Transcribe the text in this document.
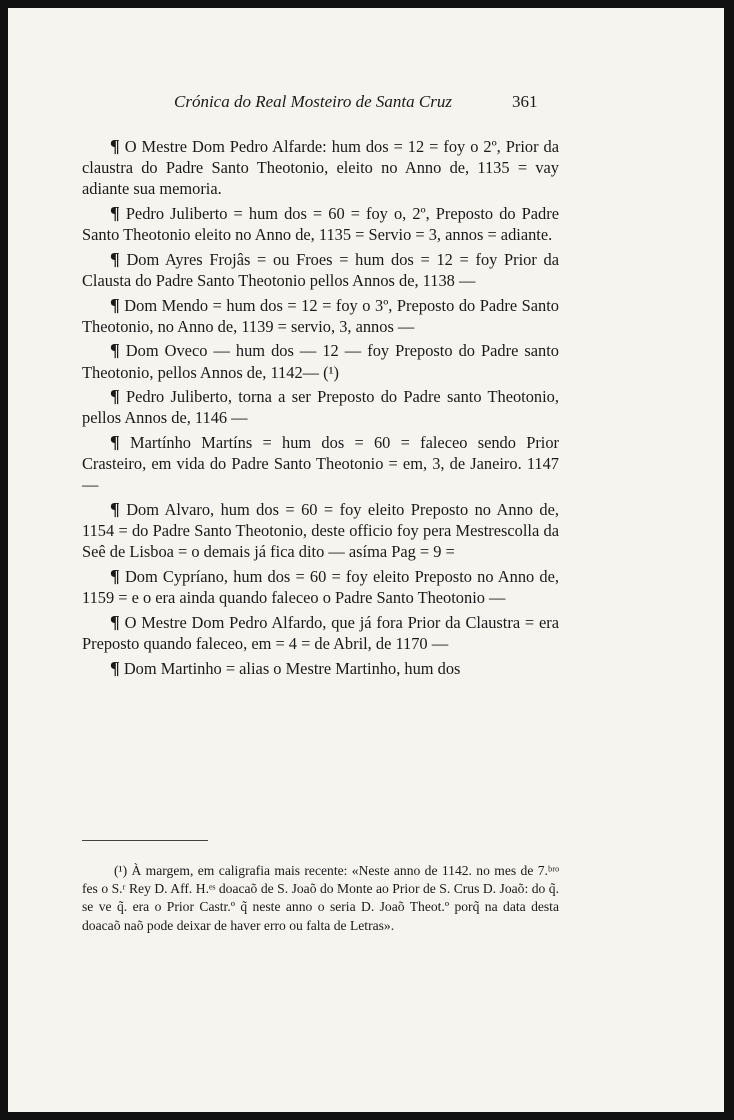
Crónica do Real Mosteiro de Santa Cruz	361

¶ O Mestre Dom Pedro Alfarde: hum dos = 12 = foy o 2º, Prior da claustra do Padre Santo Theotonio, eleito no Anno de, 1135 = vay adiante sua memoria.

¶ Pedro Juliberto = hum dos = 60 = foy o, 2º, Preposto do Padre Santo Theotonio eleito no Anno de, 1135 = Servio = 3, annos = adiante.

¶ Dom Ayres Frojâs = ou Froes = hum dos = 12 = foy Prior da Clausta do Padre Santo Theotonio pellos Annos de, 1138 —

¶ Dom Mendo = hum dos = 12 = foy o 3º, Preposto do Padre Santo Theotonio, no Anno de, 1139 = servio, 3, annos —

¶ Dom Oveco — hum dos — 12 — foy Preposto do Padre santo Theotonio, pellos Annos de, 1142— (¹)

¶ Pedro Juliberto, torna a ser Preposto do Padre santo Theotonio, pellos Annos de, 1146 —

¶ Martínho Martíns = hum dos = 60 = faleceo sendo Prior Crasteiro, em vida do Padre Santo Theotonio = em, 3, de Janeiro. 1147 —

¶ Dom Alvaro, hum dos = 60 = foy eleito Preposto no Anno de, 1154 = do Padre Santo Theotonio, deste officio foy pera Mestrescolla da Seê de Lisboa = o demais já fica dito — asíma Pag = 9 =

¶ Dom Cypríano, hum dos = 60 = foy eleito Preposto no Anno de, 1159 = e o era ainda quando faleceo o Padre Santo Theotonio —

¶ O Mestre Dom Pedro Alfardo, que já fora Prior da Claustra = era Preposto quando faleceo, em = 4 = de Abril, de 1170 —

¶ Dom Martinho = alias o Mestre Martinho, hum dos

(¹) À margem, em caligrafia mais recente: «Neste anno de 1142. no mes de 7.ᵇʳᵒ fes o S.ʳ Rey D. Aff. H.ᵉˢ doacaõ de S. Joaõ do Monte ao Prior de S. Crus D. Joaõ: do q̃. se ve q̃. era o Prior Castr.º q̃ neste anno o seria D. Joaõ Theot.º porq̃ na data desta doacaõ naõ pode deixar de haver erro ou falta de Letras».
